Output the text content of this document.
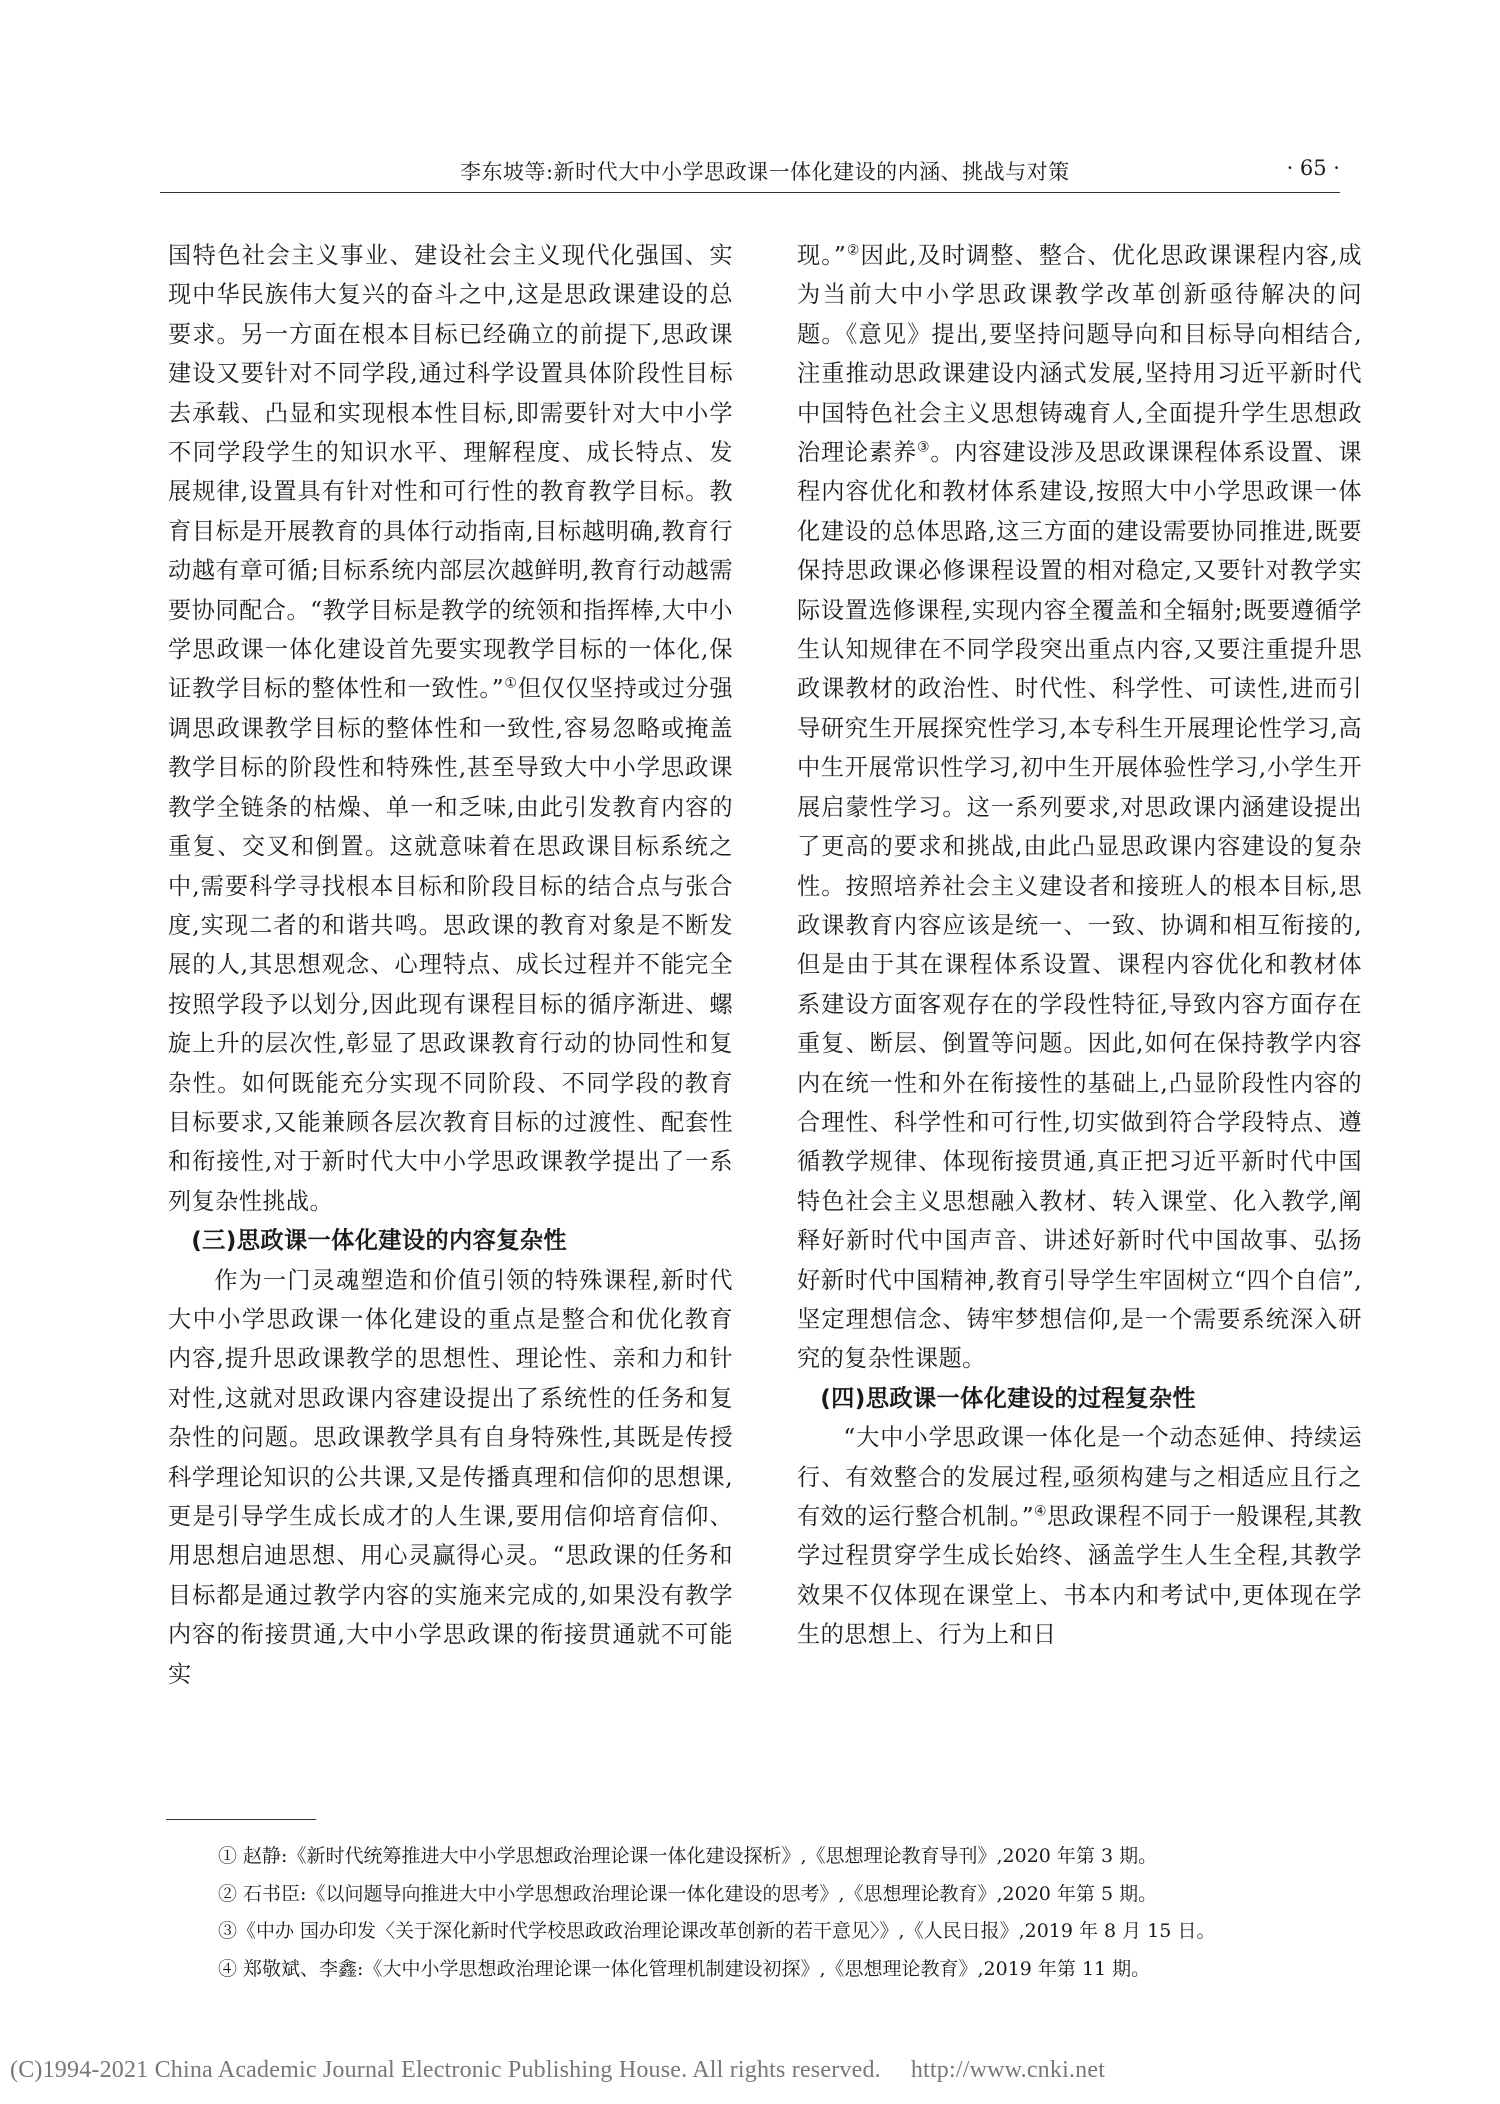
李东坡等:新时代大中小学思政课一体化建设的内涵、挑战与对策	· 65 ·

国特色社会主义事业、建设社会主义现代化强国、实现中华民族伟大复兴的奋斗之中,这是思政课建设的总要求。另一方面在根本目标已经确立的前提下,思政课建设又要针对不同学段,通过科学设置具体阶段性目标去承载、凸显和实现根本性目标,即需要针对大中小学不同学段学生的知识水平、理解程度、成长特点、发展规律,设置具有针对性和可行性的教育教学目标。教育目标是开展教育的具体行动指南,目标越明确,教育行动越有章可循;目标系统内部层次越鲜明,教育行动越需要协同配合。“教学目标是教学的统领和指挥棒,大中小学思政课一体化建设首先要实现教学目标的一体化,保证教学目标的整体性和一致性。”①但仅仅坚持或过分强调思政课教学目标的整体性和一致性,容易忽略或掩盖教学目标的阶段性和特殊性,甚至导致大中小学思政课教学全链条的枯燥、单一和乏味,由此引发教育内容的重复、交叉和倒置。这就意味着在思政课目标系统之中,需要科学寻找根本目标和阶段目标的结合点与张合度,实现二者的和谐共鸣。思政课的教育对象是不断发展的人,其思想观念、心理特点、成长过程并不能完全按照学段予以划分,因此现有课程目标的循序渐进、螺旋上升的层次性,彰显了思政课教育行动的协同性和复杂性。如何既能充分实现不同阶段、不同学段的教育目标要求,又能兼顾各层次教育目标的过渡性、配套性和衔接性,对于新时代大中小学思政课教学提出了一系列复杂性挑战。

(三)思政课一体化建设的内容复杂性

作为一门灵魂塑造和价值引领的特殊课程,新时代大中小学思政课一体化建设的重点是整合和优化教育内容,提升思政课教学的思想性、理论性、亲和力和针对性,这就对思政课内容建设提出了系统性的任务和复杂性的问题。思政课教学具有自身特殊性,其既是传授科学理论知识的公共课,又是传播真理和信仰的思想课,更是引导学生成长成才的人生课,要用信仰培育信仰、用思想启迪思想、用心灵赢得心灵。“思政课的任务和目标都是通过教学内容的实施来完成的,如果没有教学内容的衔接贯通,大中小学思政课的衔接贯通就不可能实

现。”②因此,及时调整、整合、优化思政课课程内容,成为当前大中小学思政课教学改革创新亟待解决的问题。《意见》提出,要坚持问题导向和目标导向相结合,注重推动思政课建设内涵式发展,坚持用习近平新时代中国特色社会主义思想铸魂育人,全面提升学生思想政治理论素养③。内容建设涉及思政课课程体系设置、课程内容优化和教材体系建设,按照大中小学思政课一体化建设的总体思路,这三方面的建设需要协同推进,既要保持思政课必修课程设置的相对稳定,又要针对教学实际设置选修课程,实现内容全覆盖和全辐射;既要遵循学生认知规律在不同学段突出重点内容,又要注重提升思政课教材的政治性、时代性、科学性、可读性,进而引导研究生开展探究性学习,本专科生开展理论性学习,高中生开展常识性学习,初中生开展体验性学习,小学生开展启蒙性学习。这一系列要求,对思政课内涵建设提出了更高的要求和挑战,由此凸显思政课内容建设的复杂性。按照培养社会主义建设者和接班人的根本目标,思政课教育内容应该是统一、一致、协调和相互衔接的,但是由于其在课程体系设置、课程内容优化和教材体系建设方面客观存在的学段性特征,导致内容方面存在重复、断层、倒置等问题。因此,如何在保持教学内容内在统一性和外在衔接性的基础上,凸显阶段性内容的合理性、科学性和可行性,切实做到符合学段特点、遵循教学规律、体现衔接贯通,真正把习近平新时代中国特色社会主义思想融入教材、转入课堂、化入教学,阐释好新时代中国声音、讲述好新时代中国故事、弘扬好新时代中国精神,教育引导学生牢固树立“四个自信”,坚定理想信念、铸牢梦想信仰,是一个需要系统深入研究的复杂性课题。

(四)思政课一体化建设的过程复杂性

“大中小学思政课一体化是一个动态延伸、持续运行、有效整合的发展过程,亟须构建与之相适应且行之有效的运行整合机制。”④思政课程不同于一般课程,其教学过程贯穿学生成长始终、涵盖学生人生全程,其教学效果不仅体现在课堂上、书本内和考试中,更体现在学生的思想上、行为上和日

① 赵静:《新时代统筹推进大中小学思想政治理论课一体化建设探析》,《思想理论教育导刊》,2020 年第 3 期。
② 石书臣:《以问题导向推进大中小学思想政治理论课一体化建设的思考》,《思想理论教育》,2020 年第 5 期。
③《中办 国办印发〈关于深化新时代学校思政政治理论课改革创新的若干意见〉》,《人民日报》,2019 年 8 月 15 日。
④ 郑敬斌、李鑫:《大中小学思想政治理论课一体化管理机制建设初探》,《思想理论教育》,2019 年第 11 期。
(C)1994-2021 China Academic Journal Electronic Publishing House. All rights reserved. http://www.cnki.net
